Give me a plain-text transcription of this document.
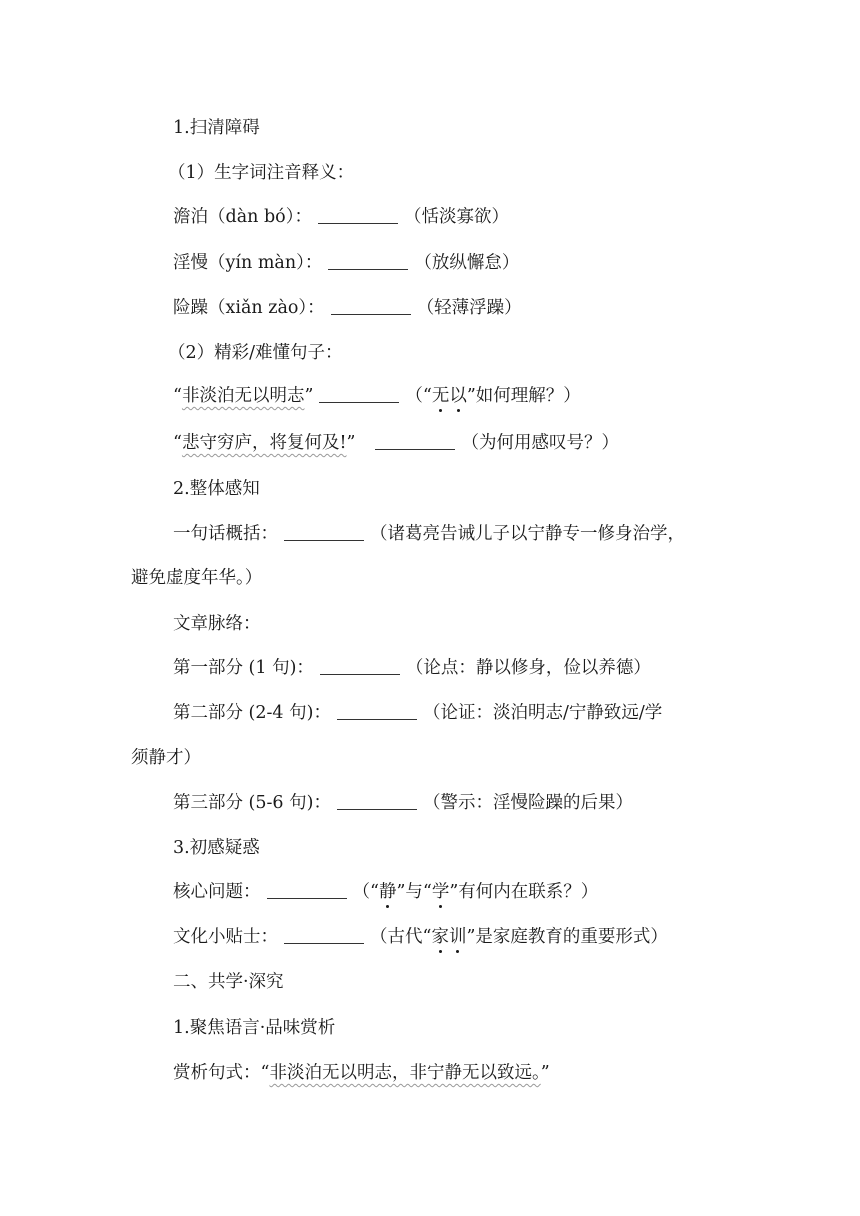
1.扫清障碍
（1）生字词注音释义：
澹泊（dàn bó）：	（恬淡寡欲）
淫慢（yín màn）：	（放纵懈怠）
险躁（xiǎn zào）：	（轻薄浮躁）
（2）精彩/难懂句子：
“非淡泊无以明志”	（“无以”如何理解？）
“悲守穷庐，将复何及!”	（为何用感叹号？）
2.整体感知
一句话概括：	（诸葛亮告诫儿子以宁静专一修身治学，
避免虚度年华。）
文章脉络：
第一部分 (1 句)：	（论点：静以修身，俭以养德）
第二部分 (2-4 句)：	（论证：淡泊明志/宁静致远/学
须静才）
第三部分 (5-6 句)：	（警示：淫慢险躁的后果）
3.初感疑惑
核心问题：	（“静”与“学”有何内在联系？）
文化小贴士：	（古代“家训”是家庭教育的重要形式）
二、共学·深究
1.聚焦语言·品味赏析
赏析句式：“非淡泊无以明志，非宁静无以致远。”
